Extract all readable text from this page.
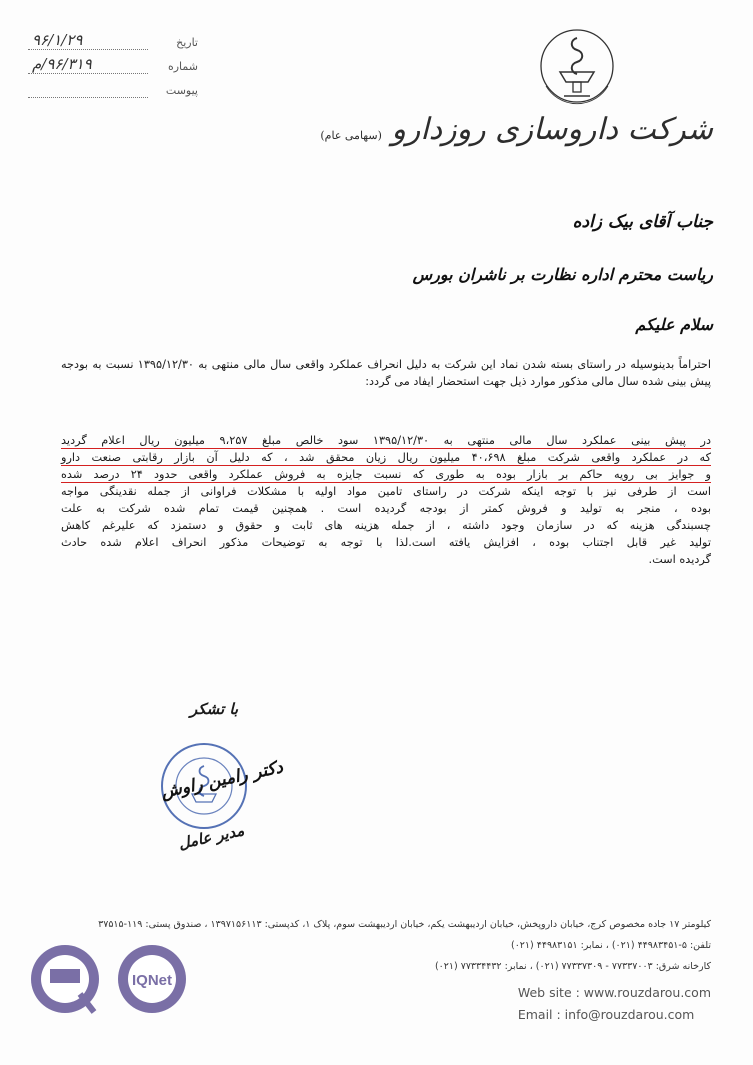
تاریخ
۹۶/۱/۲۹
شماره
۹۶/۳۱۹/م
پیوست
شرکت داروسازی روزدارو (سهامی عام)
جناب آقای بیک زاده
ریاست محترم اداره نظارت بر ناشران بورس
سلام علیکم
احتراماً بدینوسیله در راستای بسته شدن نماد این شرکت به دلیل انحراف عملکرد واقعی سال مالی منتهی به ۱۳۹۵/۱۲/۳۰ نسبت به بودجه پیش بینی شده سال مالی مذکور موارد ذیل جهت استحضار ایفاد می گردد:
در پیش بینی عملکرد سال مالی منتهی به ۱۳۹۵/۱۲/۳۰ سود خالص مبلغ ۹،۲۵۷ میلیون ریال اعلام گردید
که در عملکرد واقعی شرکت مبلغ ۴۰،۶۹۸ میلیون ریال زیان محقق شد ، که دلیل آن بازار رقابتی صنعت دارو
و جوایز بی رویه حاکم بر بازار بوده به طوری که نسبت جایزه به فروش عملکرد واقعی حدود ۲۴ درصد شده
است از طرفی نیز با توجه اینکه شرکت در راستای تامین مواد اولیه با مشکلات فراوانی از جمله نقدینگی مواجه
بوده ، منجر به تولید و فروش کمتر از بودجه گردیده است . همچنین قیمت تمام شده شرکت به علت
چسبندگی هزینه که در سازمان وجود داشته ، از جمله هزینه های ثابت و حقوق و دستمزد که علیرغم کاهش
تولید غیر قابل اجتناب بوده ، افزایش یافته است.لذا با توجه به توضیحات مذکور انحراف اعلام شده حادث
گردیده است.
با تشکر
دکتر رامین راوش
مدیر عامل
کیلومتر ۱۷ جاده مخصوص کرج، خیابان داروپخش، خیابان اردیبهشت یکم، خیابان اردیبهشت سوم، پلاک ۱، کدپستی: ۱۳۹۷۱۵۶۱۱۳ ، صندوق پستی: ۱۱۹-۳۷۵۱۵
تلفن: ۵-۴۴۹۸۳۴۵۱ (۰۲۱) ، نمابر: ۴۴۹۸۳۱۵۱ (۰۲۱)
کارخانه شرق: ۷۷۳۳۷۰۰۳ - ۷۷۳۳۷۳۰۹ (۰۲۱) ، نمابر: ۷۷۳۳۴۴۳۲ (۰۲۱)
Web site : www.rouzdarou.com
Email : info@rouzdarou.com
IQNet
